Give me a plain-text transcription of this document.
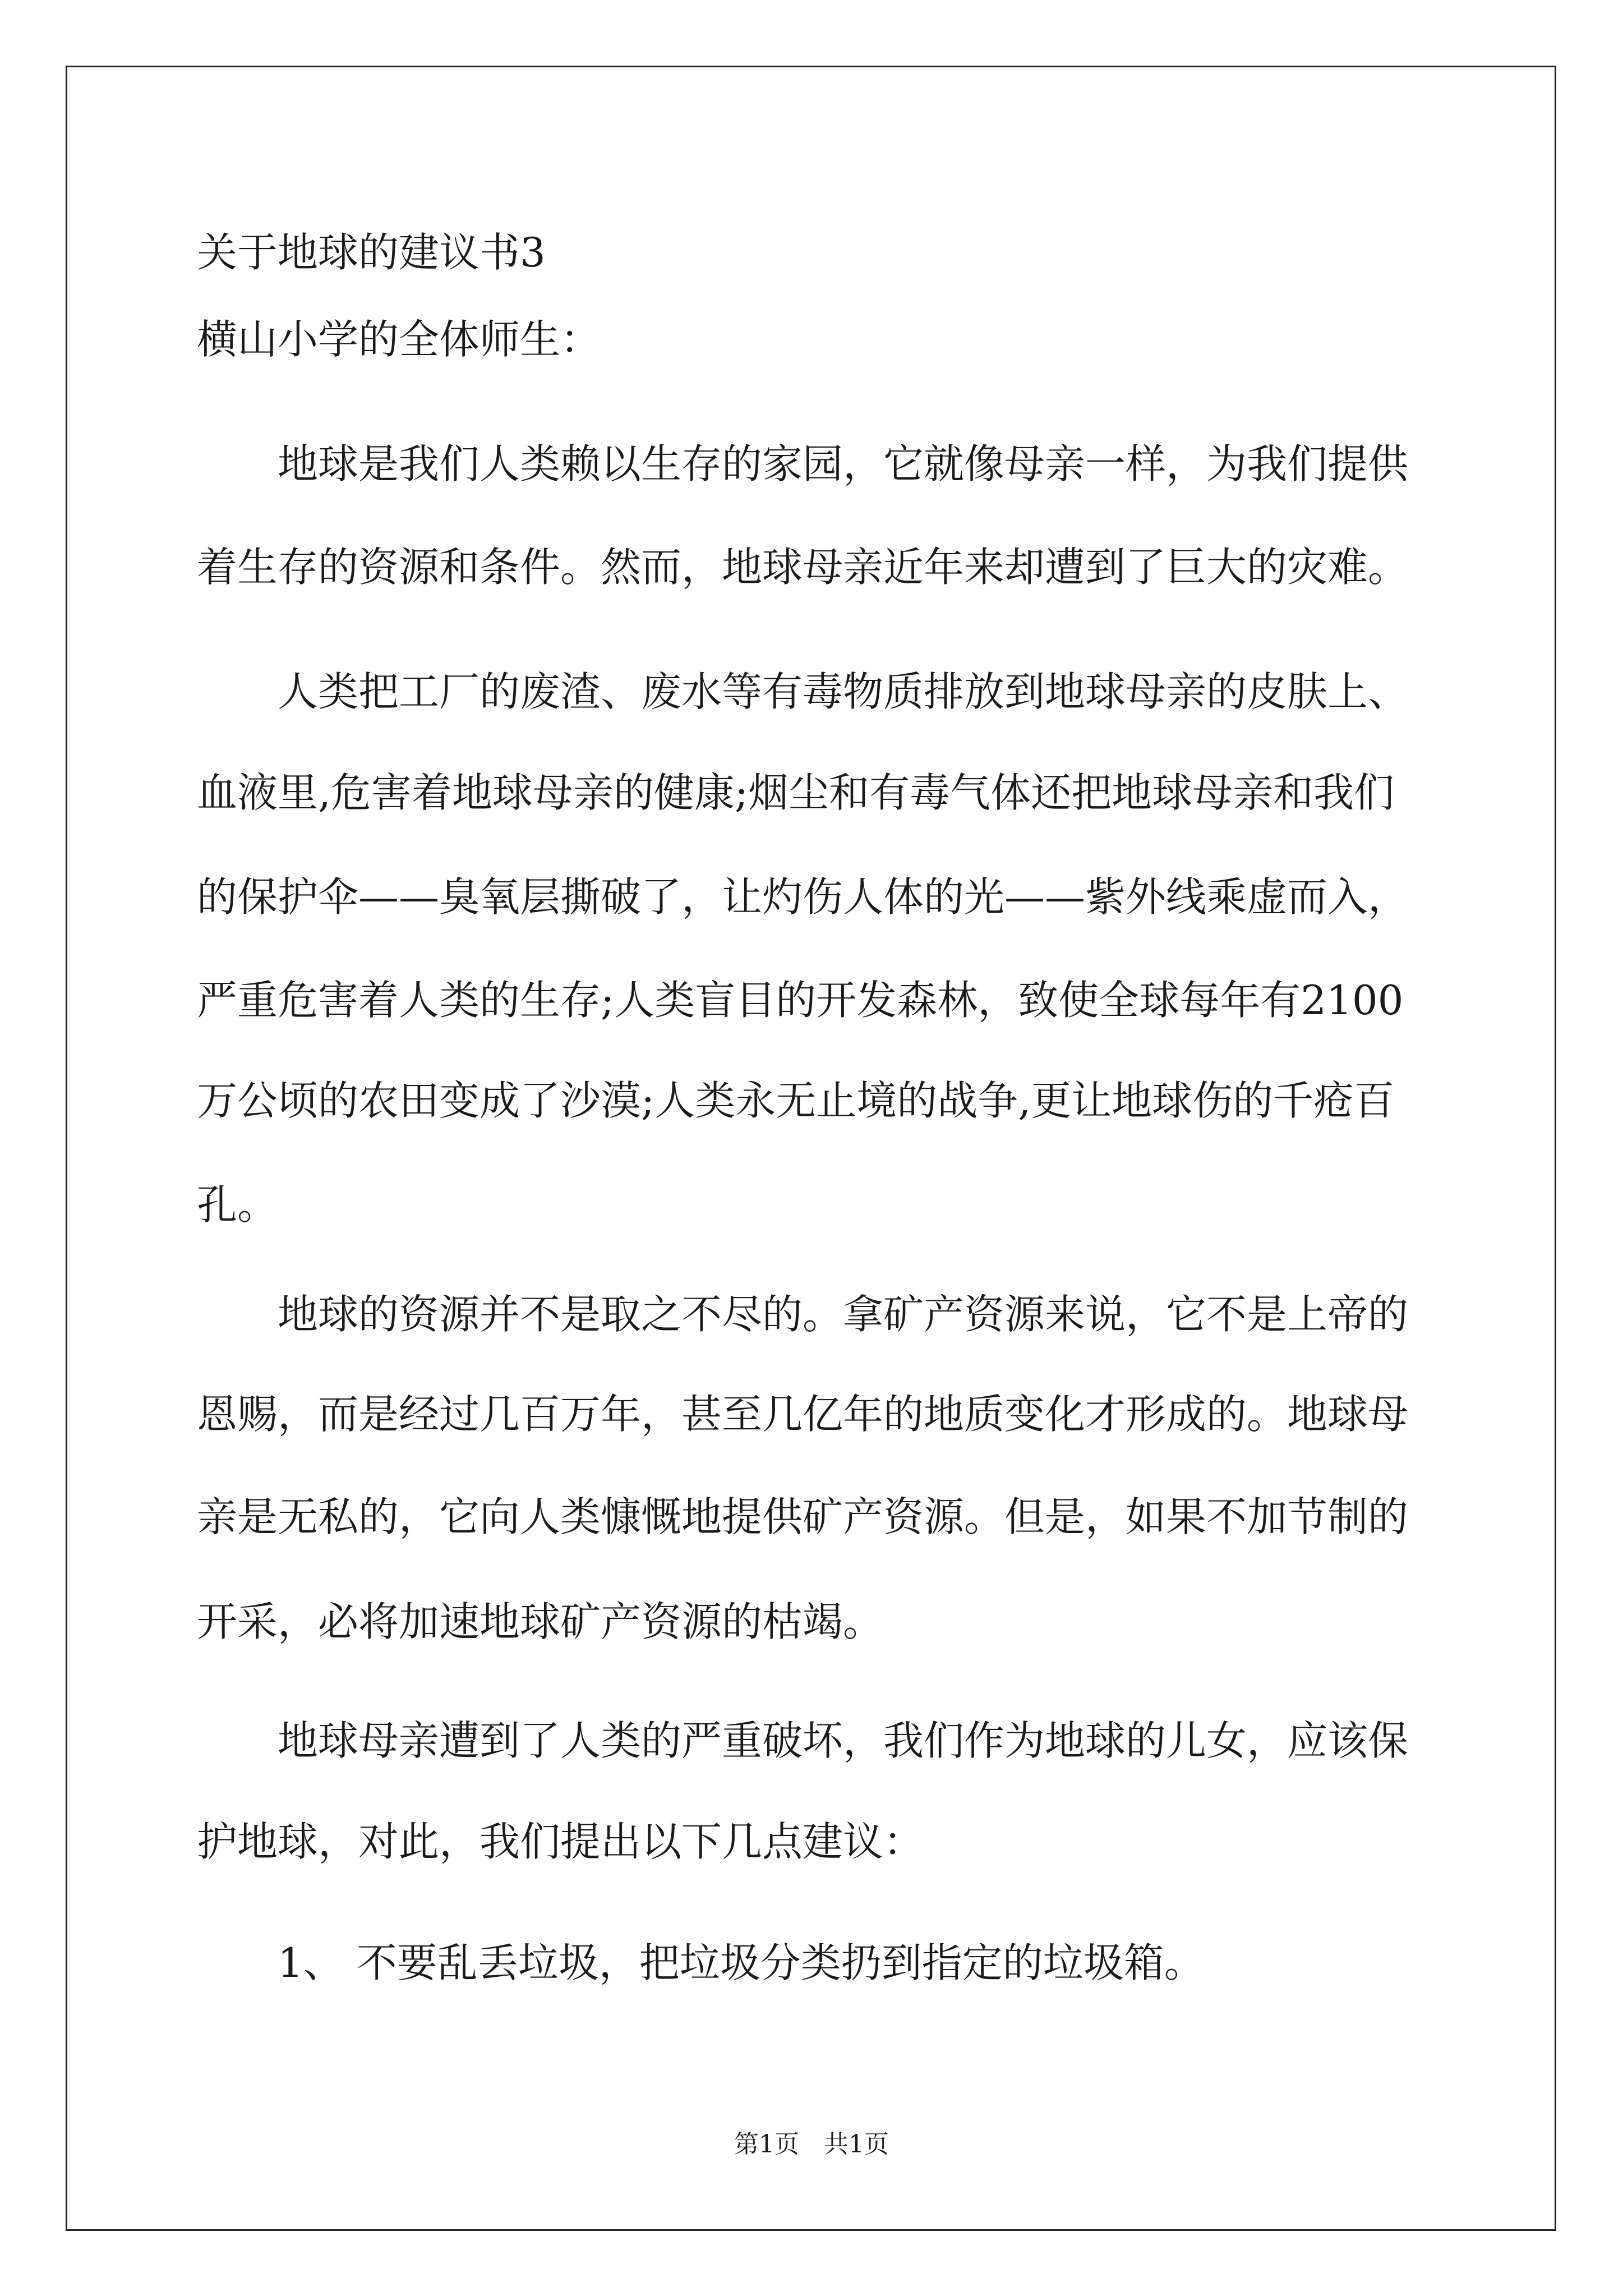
关于地球的建议书3
横山小学的全体师生：
　　地球是我们人类赖以生存的家园，它就像母亲一样，为我们提供
着生存的资源和条件。然而，地球母亲近年来却遭到了巨大的灾难。
　　人类把工厂的废渣、废水等有毒物质排放到地球母亲的皮肤上、
血液里,危害着地球母亲的健康;烟尘和有毒气体还把地球母亲和我们
的保护伞——臭氧层撕破了，让灼伤人体的光——紫外线乘虚而入，
严重危害着人类的生存;人类盲目的开发森林，致使全球每年有2100
万公顷的农田变成了沙漠;人类永无止境的战争,更让地球伤的千疮百
孔。
　　地球的资源并不是取之不尽的。拿矿产资源来说，它不是上帝的
恩赐，而是经过几百万年，甚至几亿年的地质变化才形成的。地球母
亲是无私的，它向人类慷慨地提供矿产资源。但是，如果不加节制的
开采，必将加速地球矿产资源的枯竭。
　　地球母亲遭到了人类的严重破坏，我们作为地球的儿女，应该保
护地球，对此，我们提出以下几点建议：
　　1、 不要乱丢垃圾，把垃圾分类扔到指定的垃圾箱。
第1页　共1页
